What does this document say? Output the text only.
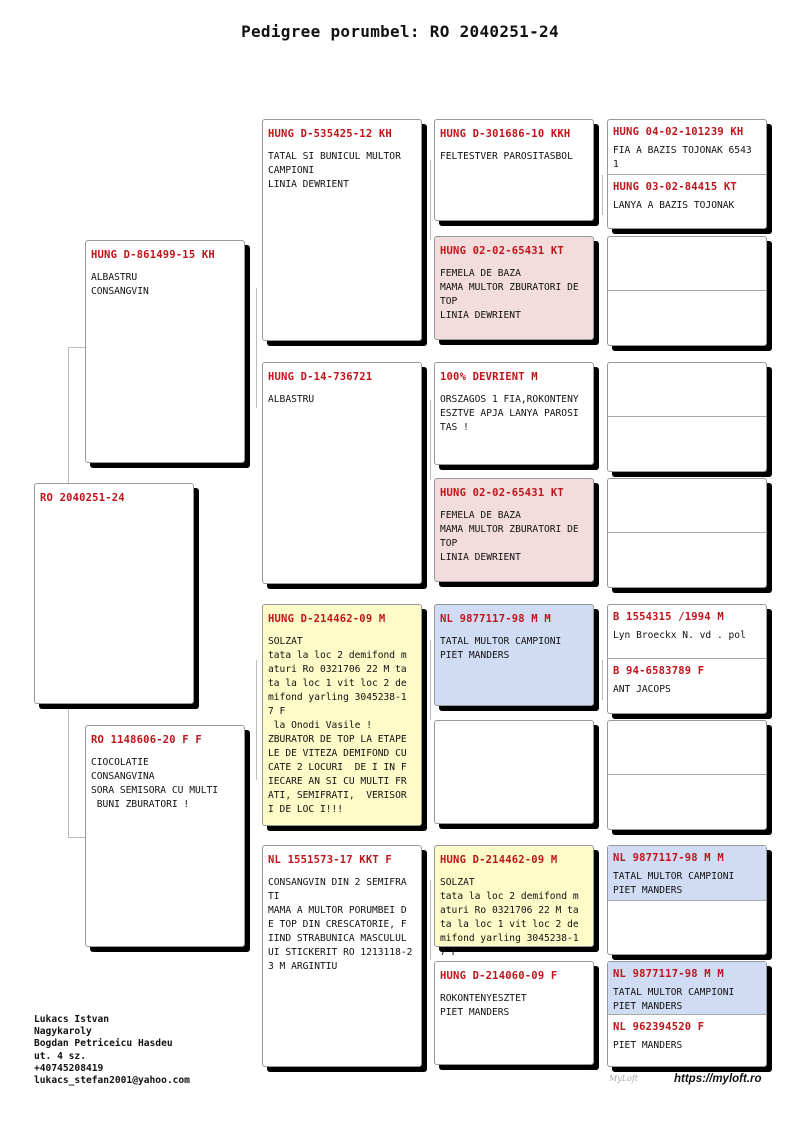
Pedigree porumbel: RO 2040251-24
RO 2040251-24
HUNG D-861499-15 KH
ALBASTRU
CONSANGVIN
RO 1148606-20 F F
CIOCOLATIE
CONSANGVINA
SORA SEMISORA CU MULTI
BUNI ZBURATORI !
HUNG D-535425-12 KH
TATAL SI BUNICUL MULTOR
CAMPIONI
LINIA DEWRIENT
HUNG D-14-736721
ALBASTRU
HUNG D-214462-09 M
SOLZAT
tata la loc 2 demifond m aturi Ro 0321706 22 M ta ta la loc 1 vit loc 2 de mifond yarling 3045238-1 7 F
la Onodi Vasile !
ZBURATOR DE TOP LA ETAPE LE DE VITEZA DEMIFOND CU CATE 2 LOCURI  DE I IN F IECARE AN SI CU MULTI FR ATI, SEMIFRATI,  VERISOR I DE LOC I!!!
NL 1551573-17 KKT F
CONSANGVIN DIN 2 SEMIFRA TI
MAMA A MULTOR PORUMBEI D E TOP DIN CRESCATORIE, F IIND STRABUNICA MASCULUL UI STICKERIT RO 1213118-23 M ARGINTIU
HUNG D-301686-10 KKH
FELTESTVER PAROSITASBOL
HUNG 02-02-65431 KT
FEMELA DE BAZA
MAMA MULTOR ZBURATORI DE TOP
LINIA DEWRIENT
100% DEVRIENT M
ORSZAGOS 1 FIA,ROKONTENY ESZTVE APJA LANYA PAROSI TAS !
HUNG 02-02-65431 KT
FEMELA DE BAZA
MAMA MULTOR ZBURATORI DE TOP
LINIA DEWRIENT
NL 9877117-98 M M
TATAL MULTOR CAMPIONI
PIET MANDERS
HUNG D-214462-09 M
SOLZAT
tata la loc 2 demifond m aturi Ro 0321706 22 M ta ta la loc 1 vit loc 2 de mifond yarling 3045238-1 7 F
HUNG D-214060-09 F
ROKONTENYESZTET
PIET MANDERS
HUNG 04-02-101239 KH
FIA A BAZIS TOJONAK 6543 1
HUNG 03-02-84415 KT
LANYA A BAZIS TOJONAK
B 1554315 /1994 M
Lyn Broeckx N. vd . pol
B 94-6583789 F
ANT JACOPS
NL 9877117-98 M M
TATAL MULTOR CAMPIONI
PIET MANDERS
NL 9877117-98 M M
TATAL MULTOR CAMPIONI
PIET MANDERS
NL 962394520 F
PIET MANDERS
Lukacs Istvan
Nagykaroly
Bogdan Petriceicu Hasdeu
ut. 4 sz.
+40745208419
lukacs_stefan2001@yahoo.com	MyLoft	https://myloft.ro
